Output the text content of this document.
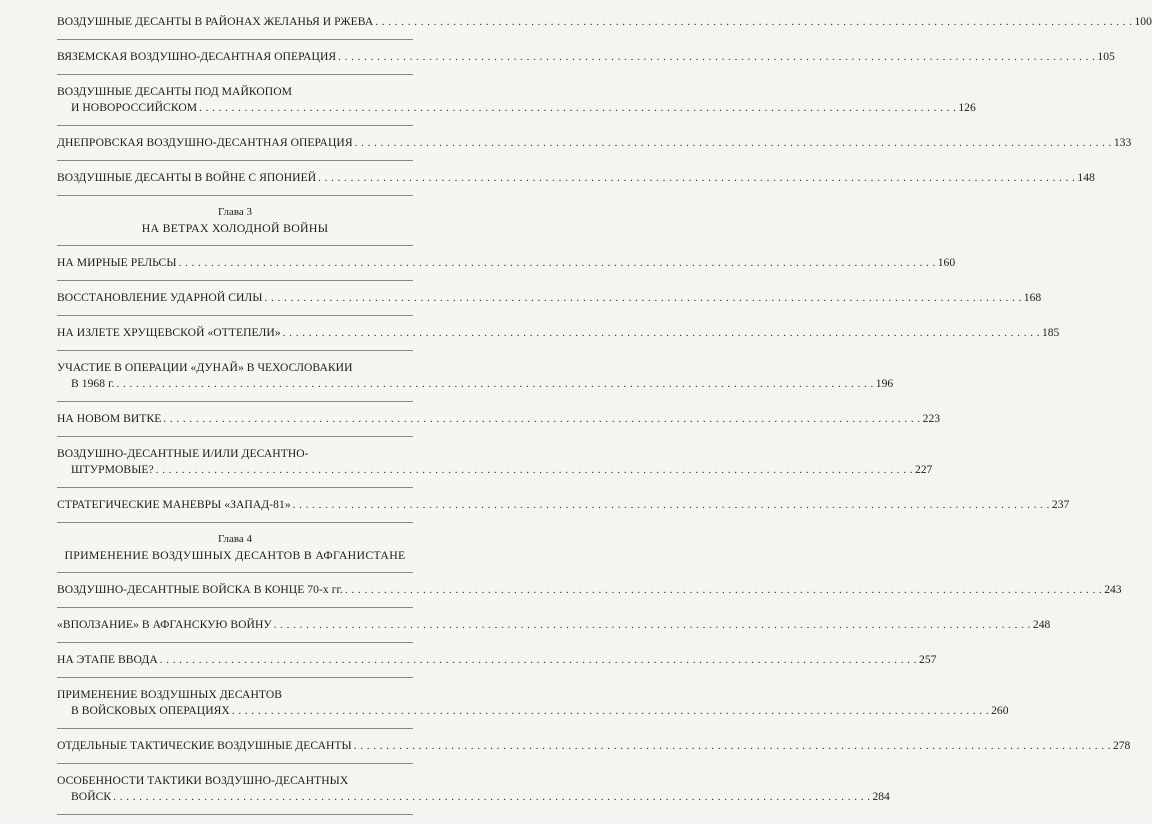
ВОЗДУШНЫЕ ДЕСАНТЫ В РАЙОНАХ ЖЕЛАНЬЯ И РЖЕВА . . .	100
ВЯЗЕМСКАЯ ВОЗДУШНО-ДЕСАНТНАЯ ОПЕРАЦИЯ . . .	105
ВОЗДУШНЫЕ ДЕСАНТЫ ПОД МАЙКОПОМ
И НОВОРОССИЙСКОМ . . .	126
ДНЕПРОВСКАЯ ВОЗДУШНО-ДЕСАНТНАЯ ОПЕРАЦИЯ . . .	133
ВОЗДУШНЫЕ ДЕСАНТЫ В ВОЙНЕ С ЯПОНИЕЙ . . .	148
Глава 3
НА ВЕТРАХ ХОЛОДНОЙ ВОЙНЫ
НА МИРНЫЕ РЕЛЬСЫ . . .	160
ВОССТАНОВЛЕНИЕ УДАРНОЙ СИЛЫ . . .	168
НА ИЗЛЕТЕ ХРУЩЕВСКОЙ «ОТТЕПЕЛИ» . . .	185
УЧАСТИЕ В ОПЕРАЦИИ «ДУНАЙ» В ЧЕХОСЛОВАКИИ
В 1968 г. . . .	196
НА НОВОМ ВИТКЕ . . .	223
ВОЗДУШНО-ДЕСАНТНЫЕ И/ИЛИ ДЕСАНТНО-
ШТУРМОВЫЕ? . . .	227
СТРАТЕГИЧЕСКИЕ МАНЕВРЫ «ЗАПАД-81» . . .	237
Глава 4
ПРИМЕНЕНИЕ ВОЗДУШНЫХ ДЕСАНТОВ В АФГАНИСТАНЕ
ВОЗДУШНО-ДЕСАНТНЫЕ ВОЙСКА В КОНЦЕ 70-х гг. . . .	243
«ВПОЛЗАНИЕ» В АФГАНСКУЮ ВОЙНУ . . .	248
НА ЭТАПЕ ВВОДА . . .	257
ПРИМЕНЕНИЕ ВОЗДУШНЫХ ДЕСАНТОВ
В ВОЙСКОВЫХ ОПЕРАЦИЯХ . . .	260
ОТДЕЛЬНЫЕ ТАКТИЧЕСКИЕ ВОЗДУШНЫЕ ДЕСАНТЫ . . .	278
ОСОБЕННОСТИ ТАКТИКИ ВОЗДУШНО-ДЕСАНТНЫХ
ВОЙСК . . .	284
